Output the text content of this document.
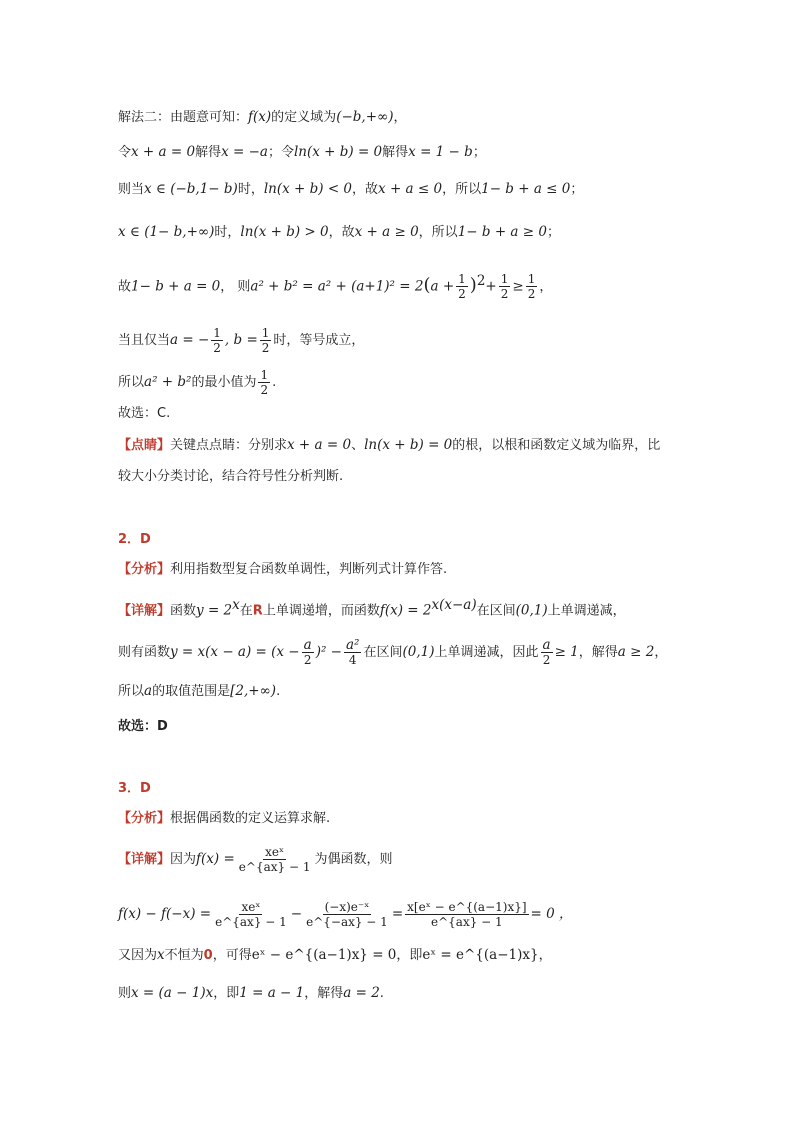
解法二：由题意可知：f(x)的定义域为(−b,+∞)，
令x + a = 0解得x = −a；令ln(x + b) = 0解得x = 1 − b；
则当x ∈ (−b,1− b)时，ln(x + b) < 0，故x + a ≤ 0，所以1− b + a ≤ 0；
x ∈ (1− b,+∞)时，ln(x + b) > 0，故x + a ≥ 0，所以1− b + a ≥ 0；
故1− b + a = 0， 则$a^2 + b^2 = a^2 + (a+1)^2 = 2(a + \frac{1}{2} )^2+ \frac{1}{2} \ge \frac{1}{2}$ ，
当且仅当a = − $\frac{1}{2}$ , $b = \frac{1}{2}$ 时，等号成立，
所以a² + b²的最小值为 $\frac{1}{2}$ .
故选：C.
【点睛】关键点点睛：分别求x + a = 0、ln(x + b) = 0的根，以根和函数定义域为临界，比
较大小分类讨论，结合符号性分析判断.
2．D
【分析】利用指数型复合函数单调性，判断列式计算作答.
【详解】函数$y = 2^x$在R上单调递增，而函数$f(x) = 2^{x(x-a)}$在区间(0,1)上单调递减，
则有函数$y = x(x - a) = (x - \frac{a}{2} )^2 - \frac{\text{a²}}{4}$ 在区间(0,1)上单调递减，因此 $\frac{a}{2} \ge 1$，解得a ≥ 2，
所以a的取值范围是[2,+∞).
故选：D
3．D
【分析】根据偶函数的定义运算求解.
【详解】因为$f(x) = \frac{\text{xeˣ}}{e\^{}\{ax\} - 1}$ 为偶函数，则
$f(x) - f(-x) = \frac{\text{xeˣ}}{e\^{}\{ax\} - 1} - \frac{\text{(−x)e⁻ˣ}}{e\^{}\{-ax\} - 1} = \frac{\text{x[eˣ − e\textasciicircum{}\{(a−1)x\}]}}{e\^{}\{ax\} - 1} = 0$ ，
又因为x不恒为0，可得eˣ − e^{(a−1)x} = 0，即eˣ = e^{(a−1)x}，
则x = (a − 1)x，即1 = a − 1，解得a = 2.
